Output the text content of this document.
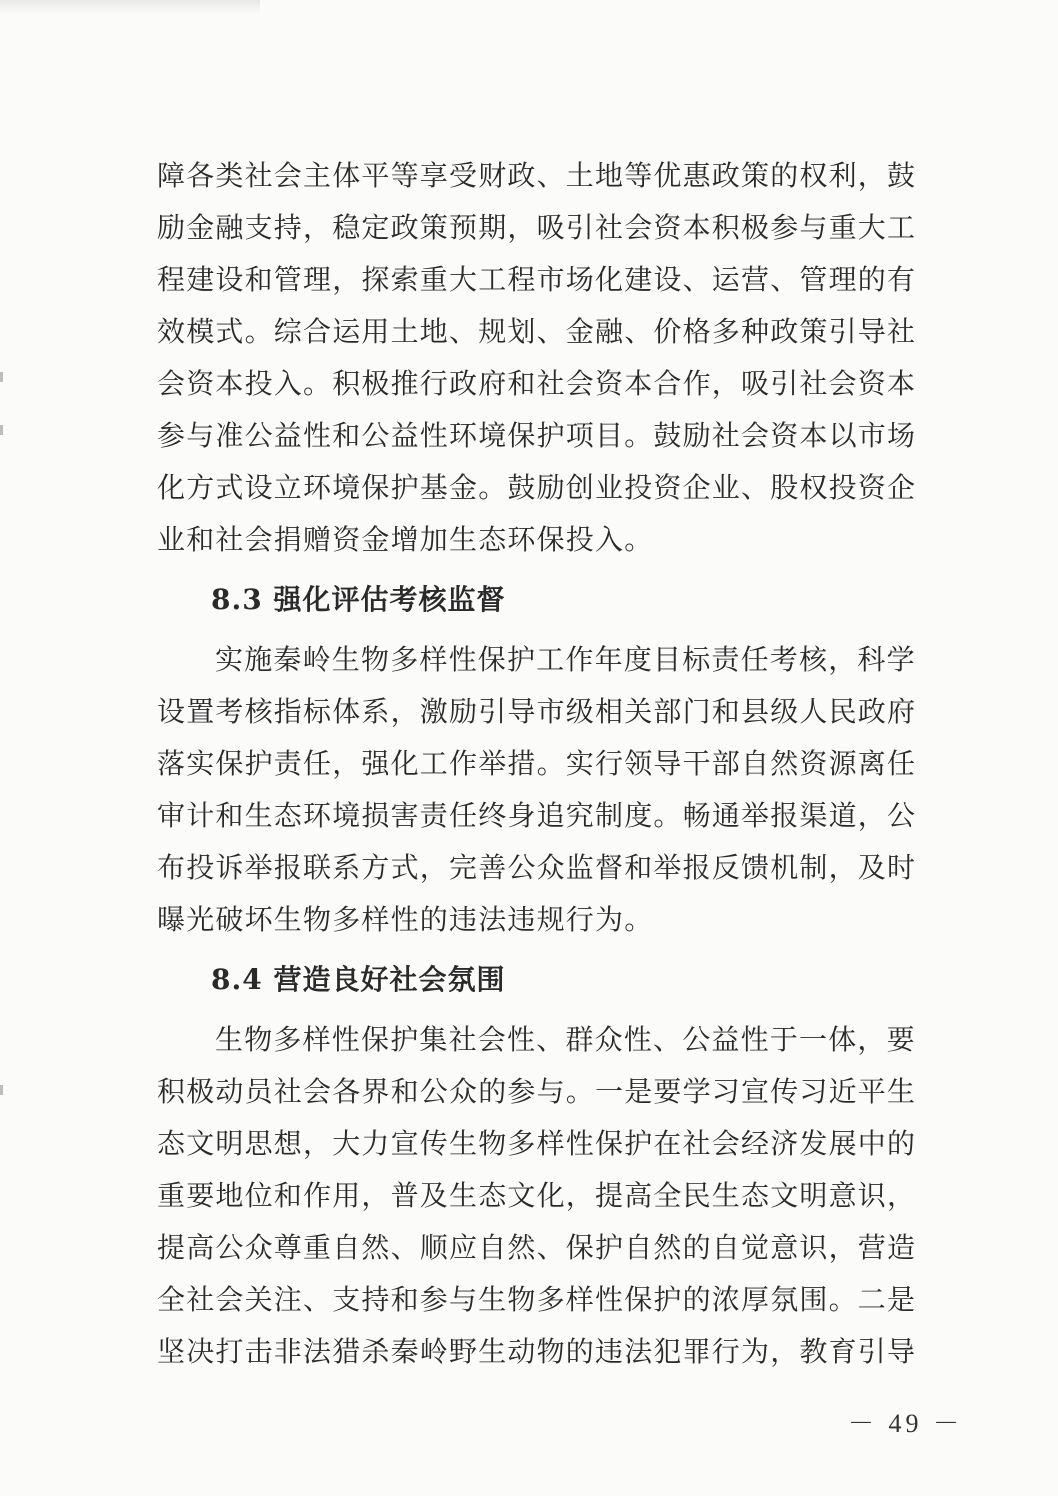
障各类社会主体平等享受财政、土地等优惠政策的权利，鼓
励金融支持，稳定政策预期，吸引社会资本积极参与重大工
程建设和管理，探索重大工程市场化建设、运营、管理的有
效模式。综合运用土地、规划、金融、价格多种政策引导社
会资本投入。积极推行政府和社会资本合作，吸引社会资本
参与准公益性和公益性环境保护项目。鼓励社会资本以市场
化方式设立环境保护基金。鼓励创业投资企业、股权投资企
业和社会捐赠资金增加生态环保投入。
8.3 强化评估考核监督
实施秦岭生物多样性保护工作年度目标责任考核，科学
设置考核指标体系，激励引导市级相关部门和县级人民政府
落实保护责任，强化工作举措。实行领导干部自然资源离任
审计和生态环境损害责任终身追究制度。畅通举报渠道，公
布投诉举报联系方式，完善公众监督和举报反馈机制，及时
曝光破坏生物多样性的违法违规行为。
8.4 营造良好社会氛围
生物多样性保护集社会性、群众性、公益性于一体，要
积极动员社会各界和公众的参与。一是要学习宣传习近平生
态文明思想，大力宣传生物多样性保护在社会经济发展中的
重要地位和作用，普及生态文化，提高全民生态文明意识，
提高公众尊重自然、顺应自然、保护自然的自觉意识，营造
全社会关注、支持和参与生物多样性保护的浓厚氛围。二是
坚决打击非法猎杀秦岭野生动物的违法犯罪行为，教育引导
－ 49 －
